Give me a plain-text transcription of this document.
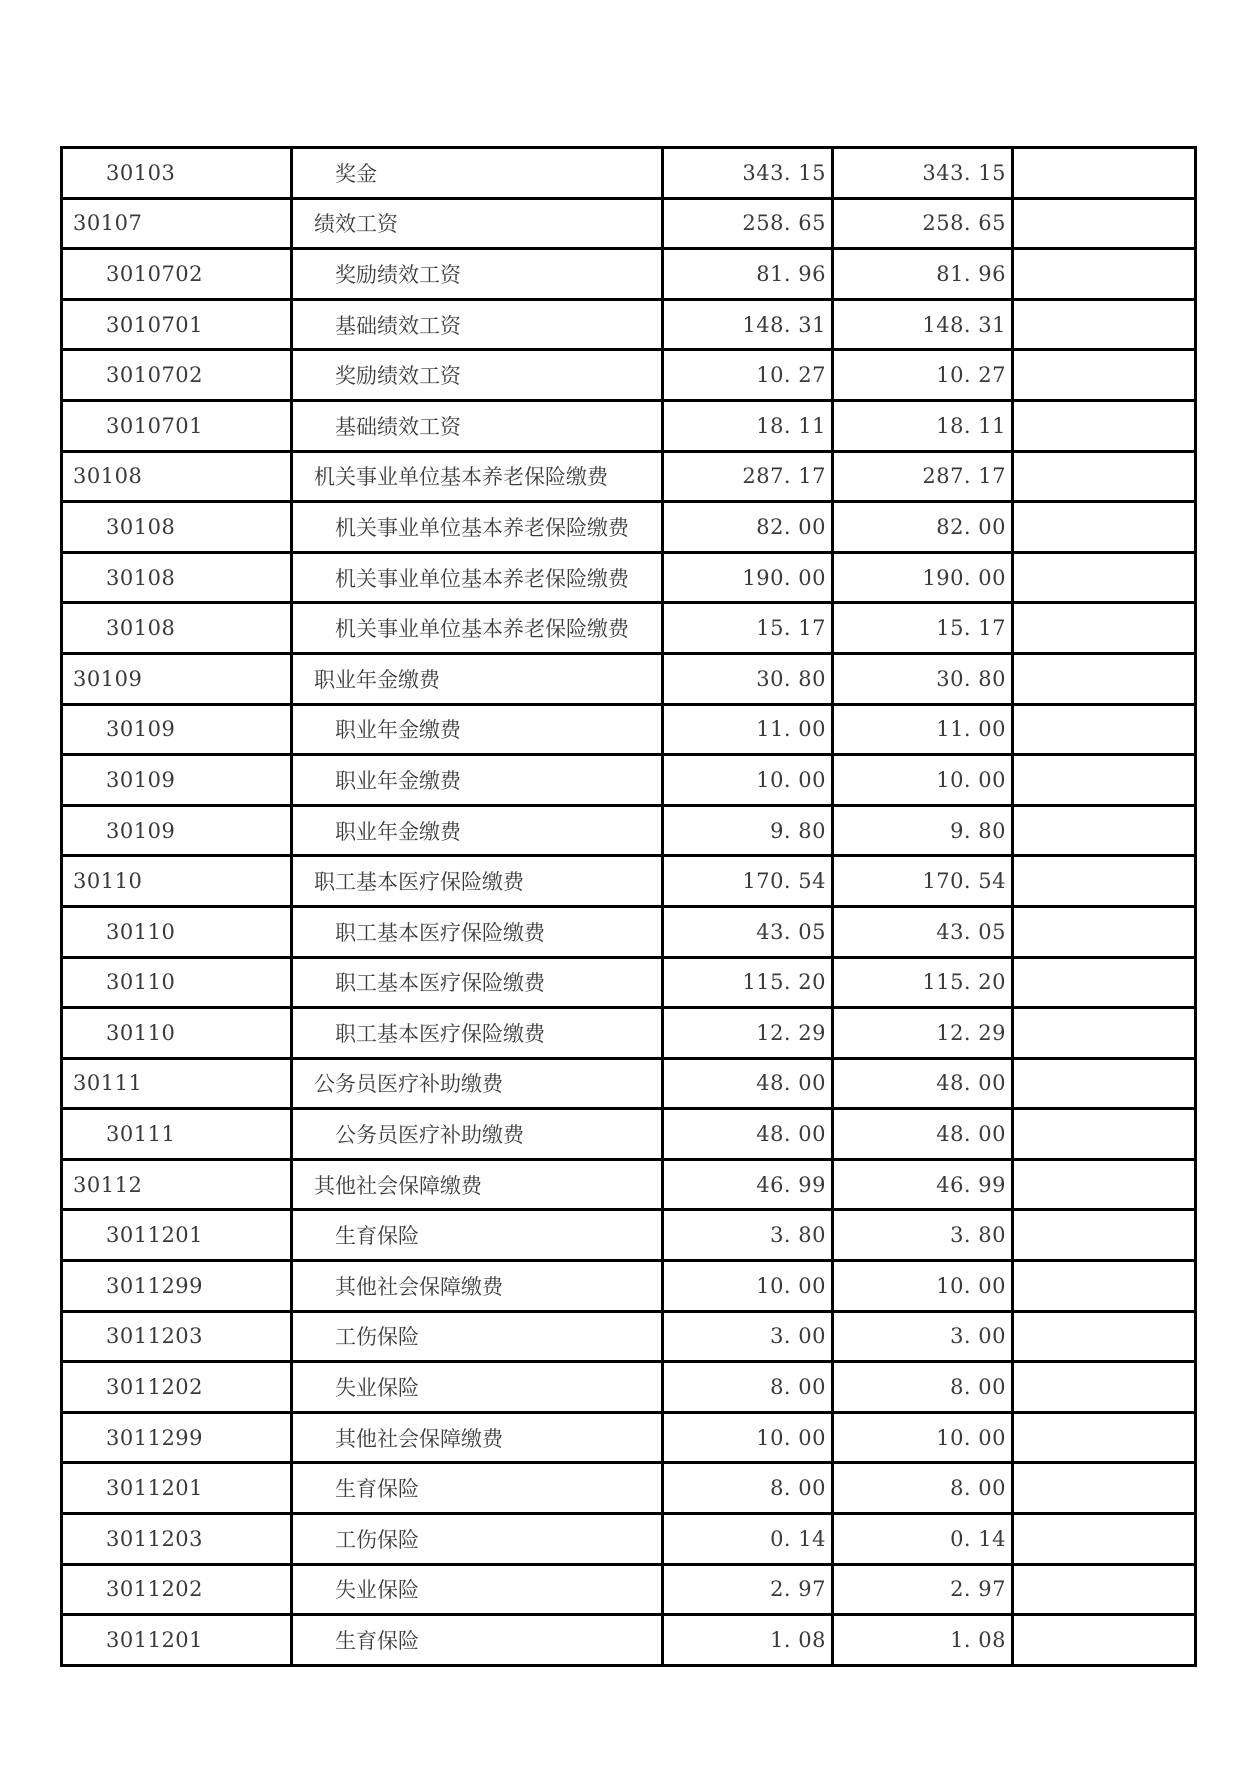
30103	奖金	343. 15	343. 15	
30107	绩效工资	258. 65	258. 65	
3010702	奖励绩效工资	81. 96	81. 96	
3010701	基础绩效工资	148. 31	148. 31	
3010702	奖励绩效工资	10. 27	10. 27	
3010701	基础绩效工资	18. 11	18. 11	
30108	机关事业单位基本养老保险缴费	287. 17	287. 17	
30108	机关事业单位基本养老保险缴费	82. 00	82. 00	
30108	机关事业单位基本养老保险缴费	190. 00	190. 00	
30108	机关事业单位基本养老保险缴费	15. 17	15. 17	
30109	职业年金缴费	30. 80	30. 80	
30109	职业年金缴费	11. 00	11. 00	
30109	职业年金缴费	10. 00	10. 00	
30109	职业年金缴费	9. 80	9. 80	
30110	职工基本医疗保险缴费	170. 54	170. 54	
30110	职工基本医疗保险缴费	43. 05	43. 05	
30110	职工基本医疗保险缴费	115. 20	115. 20	
30110	职工基本医疗保险缴费	12. 29	12. 29	
30111	公务员医疗补助缴费	48. 00	48. 00	
30111	公务员医疗补助缴费	48. 00	48. 00	
30112	其他社会保障缴费	46. 99	46. 99	
3011201	生育保险	3. 80	3. 80	
3011299	其他社会保障缴费	10. 00	10. 00	
3011203	工伤保险	3. 00	3. 00	
3011202	失业保险	8. 00	8. 00	
3011299	其他社会保障缴费	10. 00	10. 00	
3011201	生育保险	8. 00	8. 00	
3011203	工伤保险	0. 14	0. 14	
3011202	失业保险	2. 97	2. 97	
3011201	生育保险	1. 08	1. 08	
